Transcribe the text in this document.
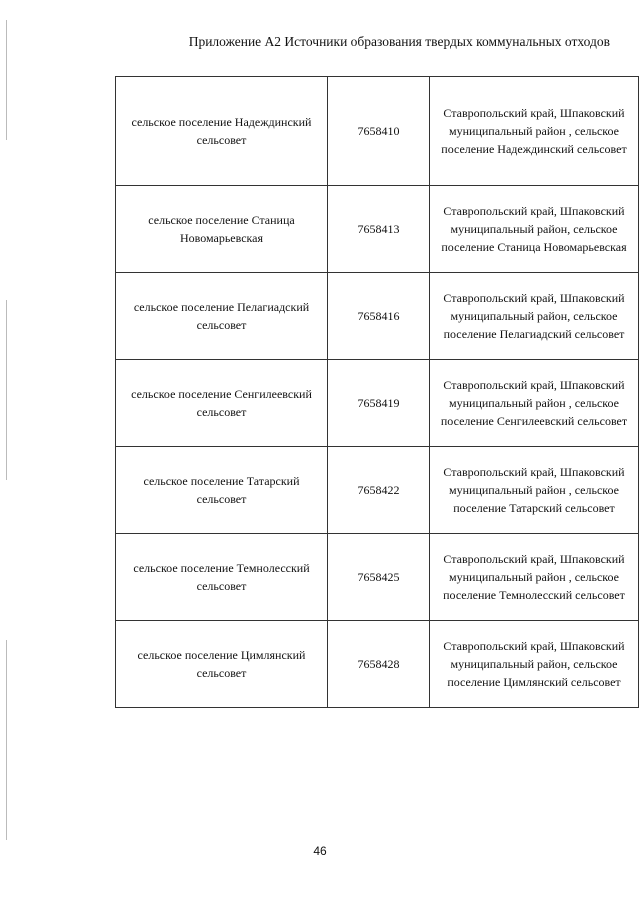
Приложение А2 Источники образования твердых коммунальных отходов
сельское поселение Надеждинский сельсовет	7658410	Ставропольский край, Шпаковский муниципальный район , сельское поселение Надеждинский сельсовет
сельское поселение Станица Новомарьевская	7658413	Ставропольский край, Шпаковский муниципальный район, сельское поселение Станица Новомарьевская
сельское поселение Пелагиадский сельсовет	7658416	Ставропольский край, Шпаковский муниципальный район, сельское поселение Пелагиадский сельсовет
сельское поселение Сенгилеевский сельсовет	7658419	Ставропольский край, Шпаковский муниципальный район , сельское поселение Сенгилеевский сельсовет
сельское поселение Татарский сельсовет	7658422	Ставропольский край, Шпаковский муниципальный район , сельское поселение Татарский сельсовет
сельское поселение Темнолесский сельсовет	7658425	Ставропольский край, Шпаковский муниципальный район , сельское поселение Темнолесский сельсовет
сельское поселение Цимлянский сельсовет	7658428	Ставропольский край, Шпаковский муниципальный район, сельское поселение Цимлянский сельсовет
46
